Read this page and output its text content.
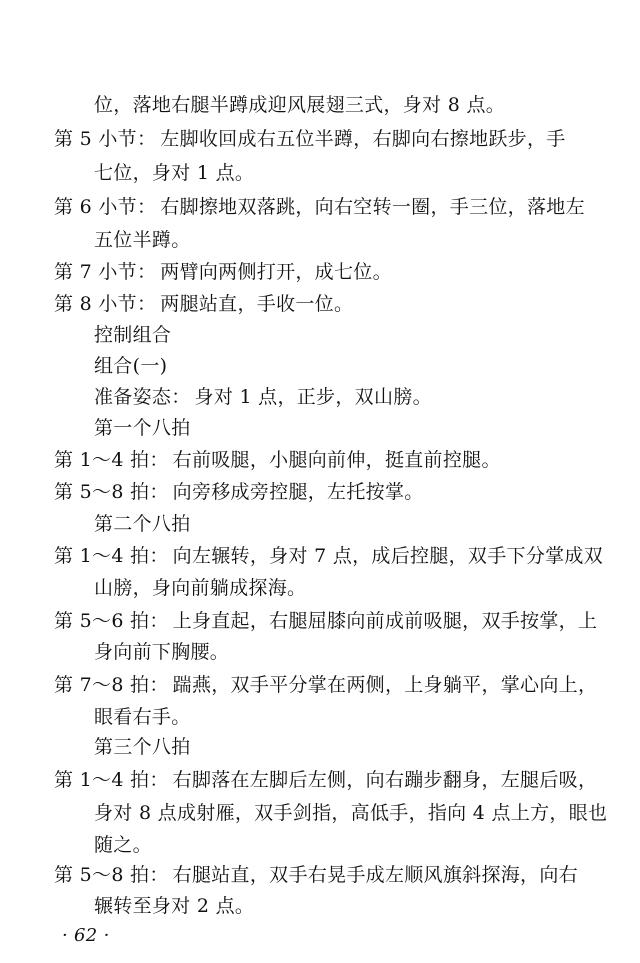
位，落地右腿半蹲成迎风展翅三式，身对 8 点。
第 5 小节： 左脚收回成右五位半蹲，右脚向右擦地跃步，手
七位，身对 1 点。
第 6 小节： 右脚擦地双落跳，向右空转一圈，手三位，落地左
五位半蹲。
第 7 小节： 两臂向两侧打开，成七位。
第 8 小节： 两腿站直，手收一位。
控制组合
组合(一)
准备姿态： 身对 1 点，正步，双山膀。
第一个八拍
第 1～4 拍： 右前吸腿，小腿向前伸，挺直前控腿。
第 5～8 拍： 向旁移成旁控腿，左托按掌。
第二个八拍
第 1～4 拍： 向左辗转，身对 7 点，成后控腿，双手下分掌成双
山膀，身向前躺成探海。
第 5～6 拍： 上身直起，右腿屈膝向前成前吸腿，双手按掌，上
身向前下胸腰。
第 7～8 拍： 踹燕，双手平分掌在两侧，上身躺平，掌心向上，
眼看右手。
第三个八拍
第 1～4 拍： 右脚落在左脚后左侧，向右蹦步翻身，左腿后吸，
身对 8 点成射雁，双手剑指，高低手，指向 4 点上方，眼也
随之。
第 5～8 拍： 右腿站直，双手右晃手成左顺风旗斜探海，向右
辗转至身对 2 点。
· 62 ·
